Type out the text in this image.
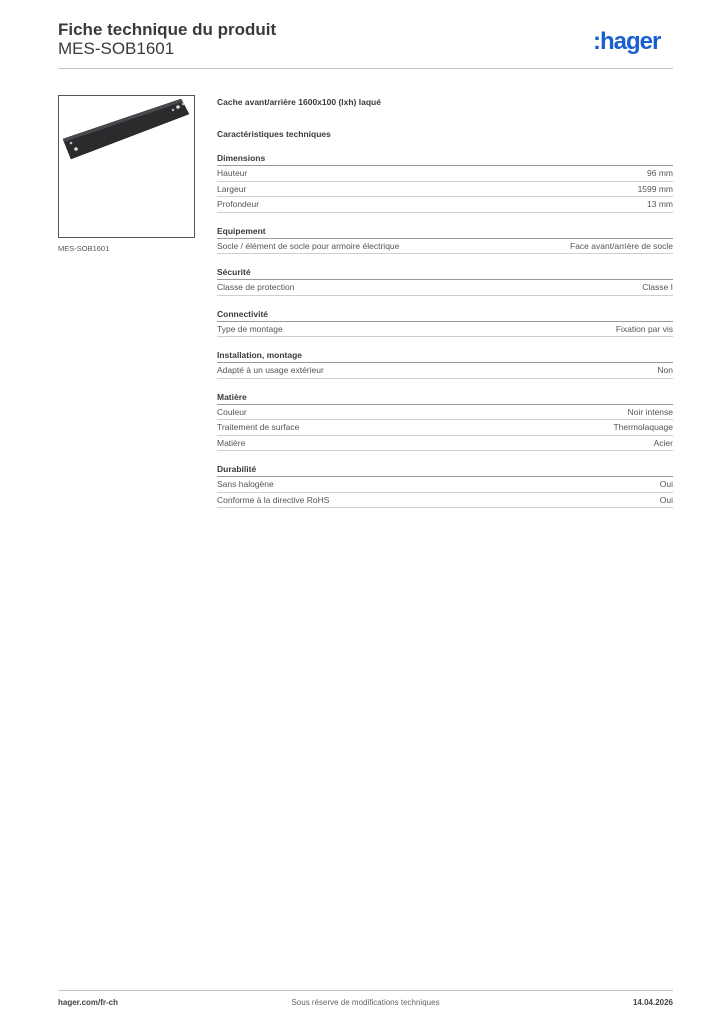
Fiche technique du produit
MES-SOB1601	:hager
MES-SOB1601
Cache avant/arrière 1600x100 (lxh) laqué
Caractéristiques techniques
Dimensions
Hauteur	96 mm
Largeur	1599 mm
Profondeur	13 mm
Equipement
Socle / élément de socle pour armoire électrique	Face avant/arrière de socle
Sécurité
Classe de protection	Classe I
Connectivité
Type de montage	Fixation par vis
Installation, montage
Adapté à un usage extérieur	Non
Matière
Couleur	Noir intense
Traitement de surface	Thermolaquage
Matière	Acier
Durabilité
Sans halogène	Oui
Conforme à la directive RoHS	Oui
hager.com/fr-ch	Sous réserve de modifications techniques	14.04.2026
